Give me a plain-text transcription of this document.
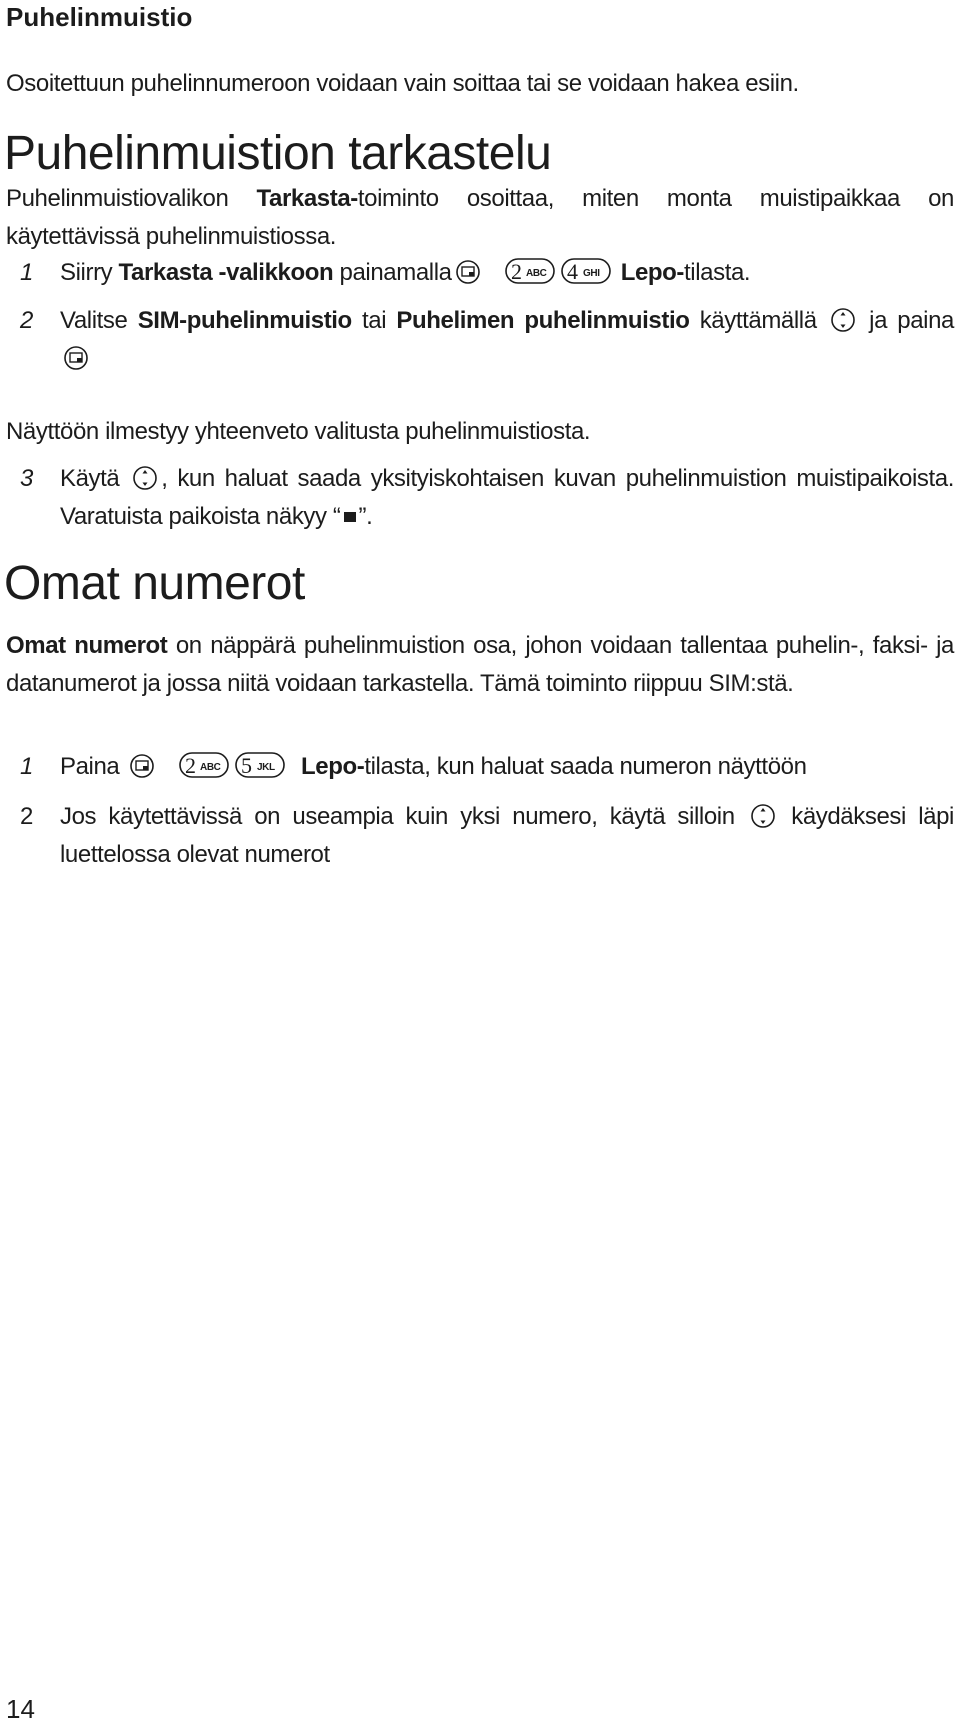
Puhelinmuistio
Osoitettuun puhelinnumeroon voidaan vain soittaa tai se voidaan hakea esiin.
Puhelinmuistion tarkastelu
Puhelinmuistiovalikon Tarkasta-toiminto osoittaa, miten monta muistipaikkaa on käytettävissä puhelinmuistiossa.
1	Siirry Tarkasta -valikkoon painamalla
	2 ABC 4 GHI Lepo-tilasta.
2	Valitse SIM-puhelinmuistio tai Puhelimen puhelinmuistio käyttämällä
ja paina
Näyttöön ilmestyy yhteenveto valitusta puhelinmuistiosta.
3	Käytä , kun haluat saada yksityiskohtaisen kuvan puhelinmuistion muistipaikoista. Varatuista paikoista näkyy “ ”.
Omat numerot
Omat numerot on näppärä puhelinmuistion osa, johon voidaan tallentaa puhelin-, faksi- ja datanumerot ja jossa niitä voidaan tarkastella. Tämä toiminto riippuu SIM:stä.
1	Paina
	2 ABC 5 JKL Lepo-tilasta, kun haluat saada numeron näyttöön
2	Jos käytettävissä on useampia kuin yksi numero, käytä silloin
käydäksesi läpi luettelossa olevat numerot
14
